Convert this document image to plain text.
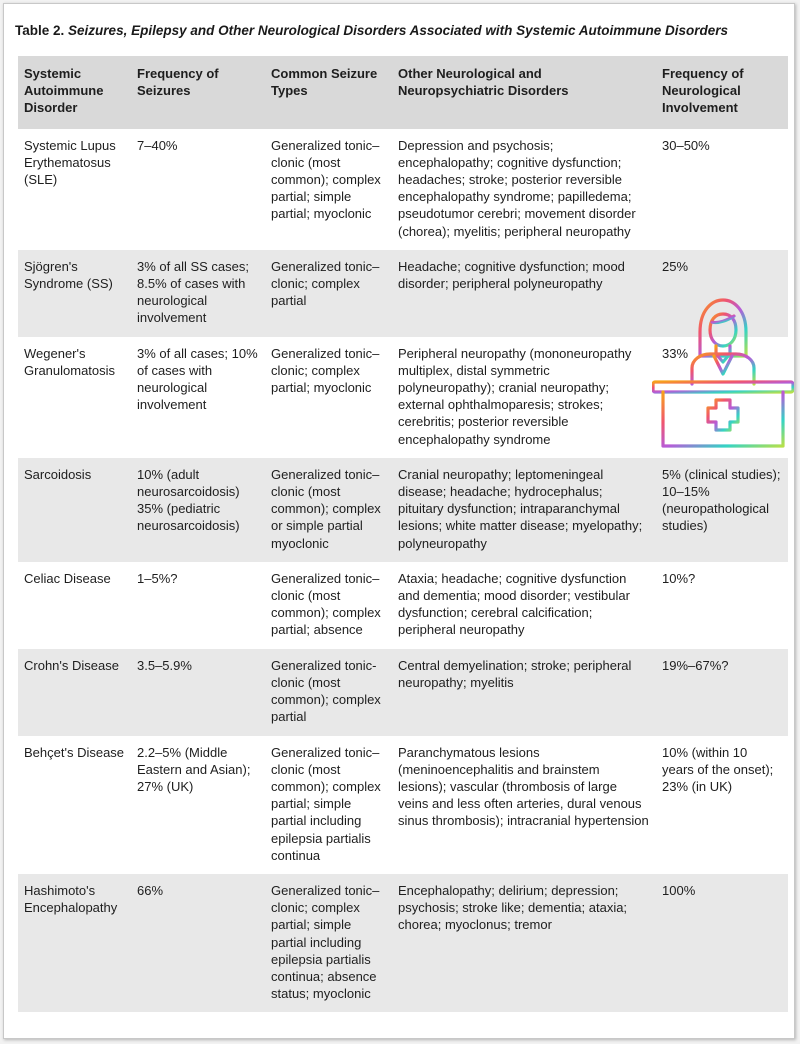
Table 2. Seizures, Epilepsy and Other Neurological Disorders Associated with Systemic Autoimmune Disorders
Systemic Autoimmune Disorder	Frequency of Seizures	Common Seizure Types	Other Neurological and Neuropsychiatric Disorders	Frequency of Neurological Involvement
Systemic Lupus Erythematosus (SLE)	7–40%	Generalized tonic–clonic (most common); complex partial; simple partial; myoclonic	Depression and psychosis; encephalopathy; cognitive dysfunction; headaches; stroke; posterior reversible encephalopathy syndrome; papilledema; pseudotumor cerebri; movement disorder (chorea); myelitis; peripheral neuropathy	30–50%
Sjögren's Syndrome (SS)	3% of all SS cases; 8.5% of cases with neurological involvement	Generalized tonic–clonic; complex partial	Headache; cognitive dysfunction; mood disorder; peripheral polyneuropathy	25%
Wegener's Granulomatosis	3% of all cases; 10% of cases with neurological involvement	Generalized tonic–clonic; complex partial; myoclonic	Peripheral neuropathy (mononeuropathy multiplex, distal symmetric polyneuropathy); cranial neuropathy; external ophthalmoparesis; strokes; cerebritis; posterior reversible encephalopathy syndrome	33%
Sarcoidosis	10% (adult neurosarcoidosis) 35% (pediatric neurosarcoidosis)	Generalized tonic–clonic (most common); complex or simple partial myoclonic	Cranial neuropathy; leptomeningeal disease; headache; hydrocephalus; pituitary dysfunction; intraparanchymal lesions; white matter disease; myelopathy; polyneuropathy	5% (clinical studies); 10–15% (neuropathological studies)
Celiac Disease	1–5%?	Generalized tonic–clonic (most common); complex partial; absence	Ataxia; headache; cognitive dysfunction and dementia; mood disorder; vestibular dysfunction; cerebral calcification; peripheral neuropathy	10%?
Crohn's Disease	3.5–5.9%	Generalized tonic-clonic (most common); complex partial	Central demyelination; stroke; peripheral neuropathy; myelitis	19%–67%?
Behçet's Disease	2.2–5% (Middle Eastern and Asian); 27% (UK)	Generalized tonic–clonic (most common); complex partial; simple partial including epilepsia partialis continua	Paranchymatous lesions (meninoencephalitis and brainstem lesions); vascular (thrombosis of large veins and less often arteries, dural venous sinus thrombosis); intracranial hypertension	10% (within 10 years of the onset); 23% (in UK)
Hashimoto's Encephalopathy	66%	Generalized tonic–clonic; complex partial; simple partial including epilepsia partialis continua; absence status; myoclonic	Encephalopathy; delirium; depression; psychosis; stroke like; dementia; ataxia; chorea; myoclonus; tremor	100%
